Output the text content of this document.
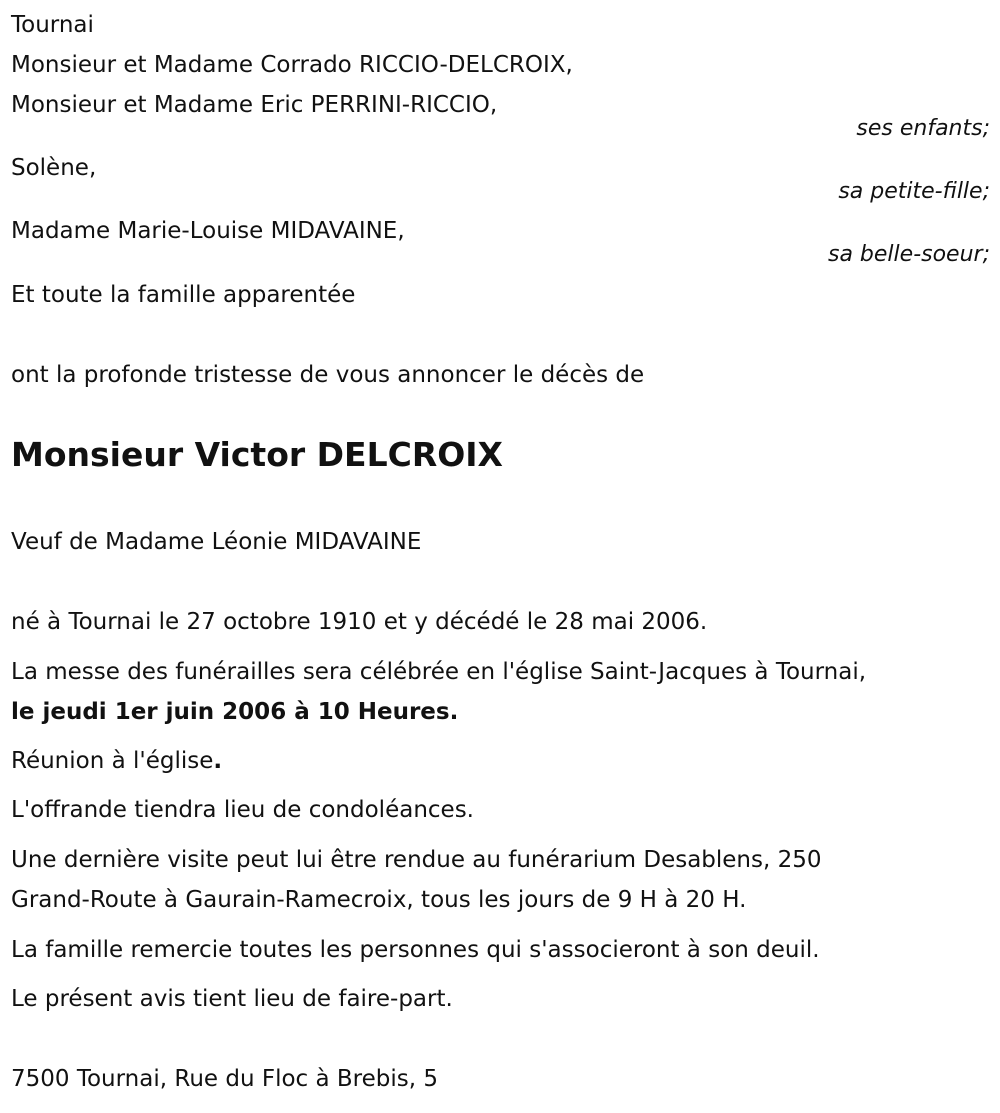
Tournai
Monsieur et Madame Corrado RICCIO-DELCROIX,
Monsieur et Madame Eric PERRINI-RICCIO,
ses enfants;
Solène,
sa petite-fille;
Madame Marie-Louise MIDAVAINE,
sa belle-soeur;
Et toute la famille apparentée
ont la profonde tristesse de vous annoncer le décès de
Monsieur Victor DELCROIX
Veuf de Madame Léonie MIDAVAINE
né à Tournai le 27 octobre 1910 et y décédé le 28 mai 2006.
La messe des funérailles sera célébrée en l'église Saint-Jacques à Tournai,
le jeudi 1er juin 2006 à 10 Heures.
Réunion à l'église.
L'offrande tiendra lieu de condoléances.
Une dernière visite peut lui être rendue au funérarium Desablens, 250
Grand-Route à Gaurain-Ramecroix, tous les jours de 9 H à 20 H.
La famille remercie toutes les personnes qui s'associeront à son deuil.
Le présent avis tient lieu de faire-part.
7500 Tournai, Rue du Floc à Brebis, 5
